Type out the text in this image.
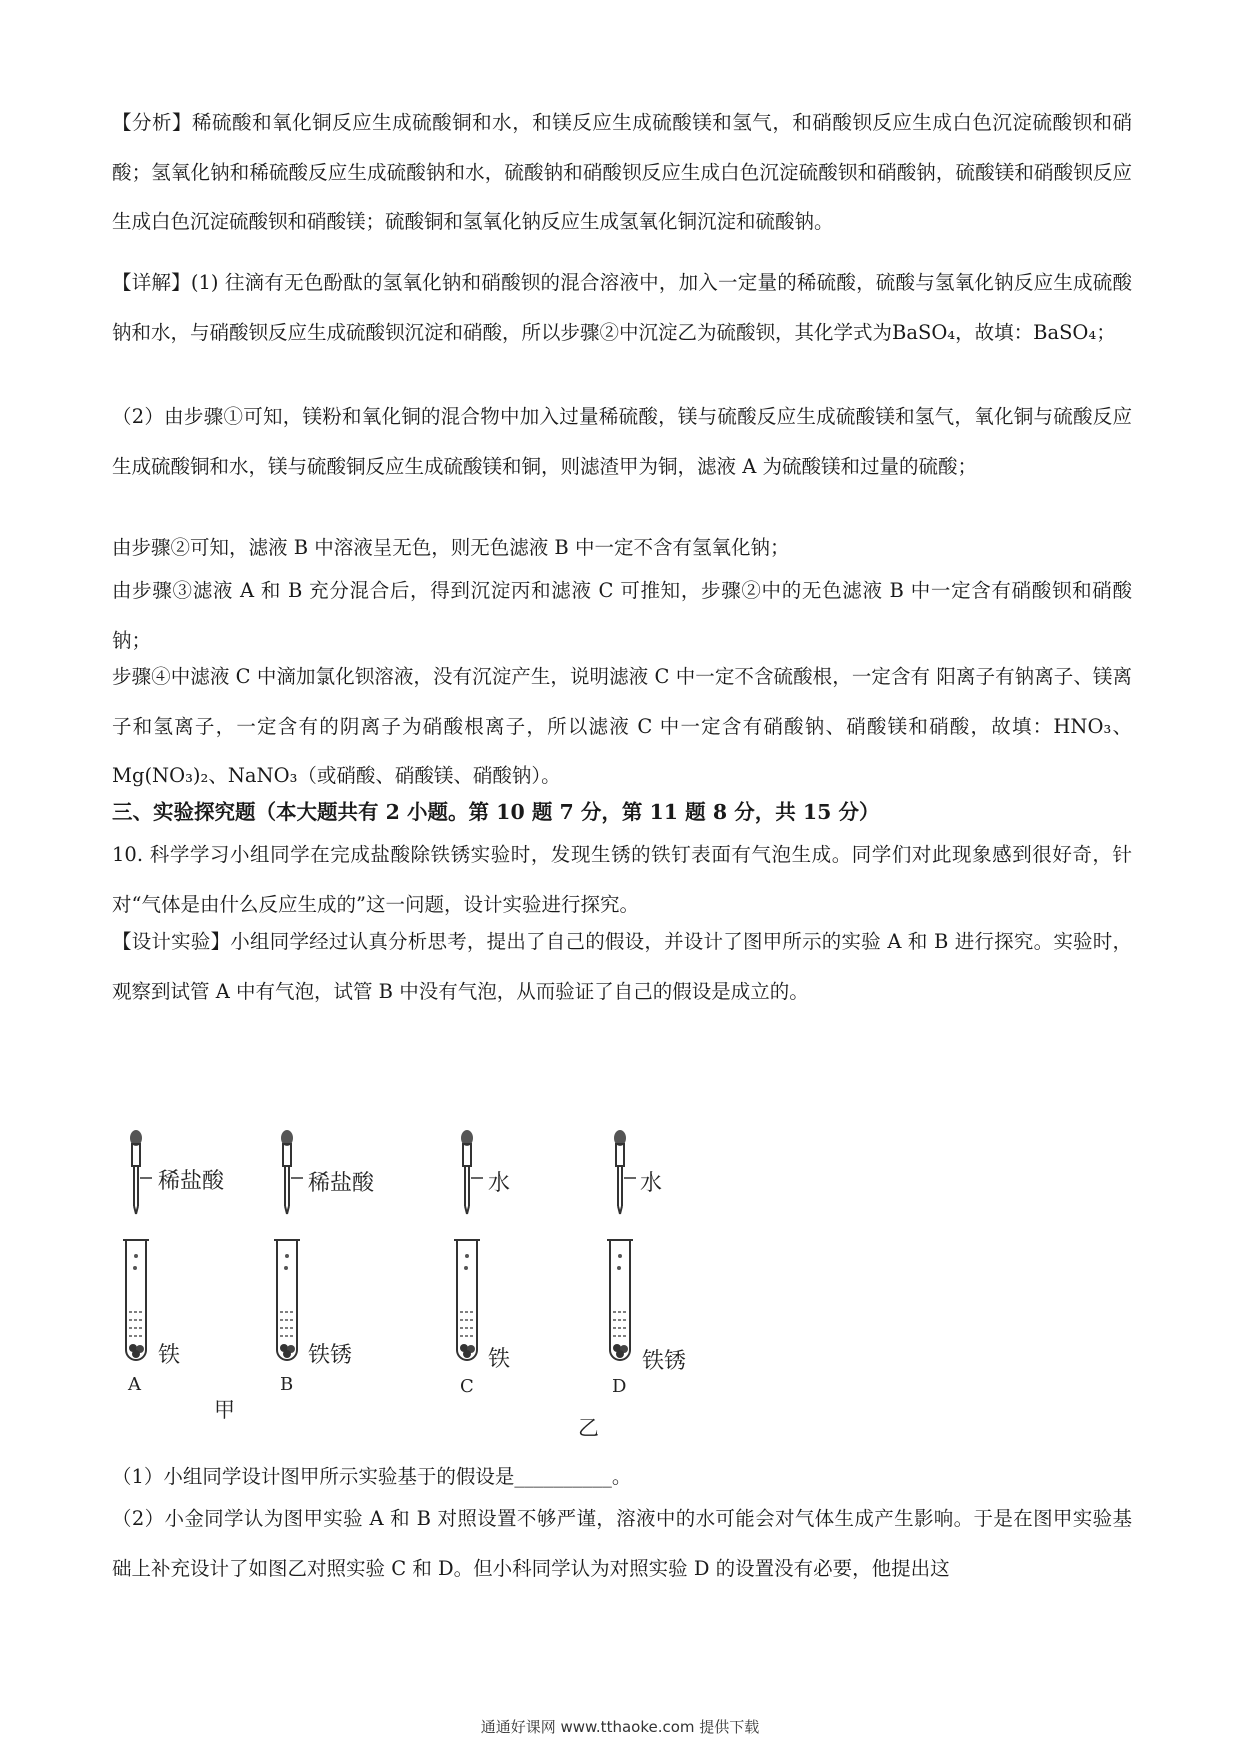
【分析】稀硫酸和氧化铜反应生成硫酸铜和水，和镁反应生成硫酸镁和氢气，和硝酸钡反应生成白色沉淀硫酸钡和硝酸；氢氧化钠和稀硫酸反应生成硫酸钠和水，硫酸钠和硝酸钡反应生成白色沉淀硫酸钡和硝酸钠，硫酸镁和硝酸钡反应生成白色沉淀硫酸钡和硝酸镁；硫酸铜和氢氧化钠反应生成氢氧化铜沉淀和硫酸钠。
【详解】(1) 往滴有无色酚酞的氢氧化钠和硝酸钡的混合溶液中，加入一定量的稀硫酸，硫酸与氢氧化钠反应生成硫酸钠和水，与硝酸钡反应生成硫酸钡沉淀和硝酸，所以步骤②中沉淀乙为硫酸钡，其化学式为BaSO₄，故填：BaSO₄；
（2）由步骤①可知，镁粉和氧化铜的混合物中加入过量稀硫酸，镁与硫酸反应生成硫酸镁和氢气，氧化铜与硫酸反应生成硫酸铜和水，镁与硫酸铜反应生成硫酸镁和铜，则滤渣甲为铜，滤液 A 为硫酸镁和过量的硫酸；
由步骤②可知，滤液 B 中溶液呈无色，则无色滤液 B 中一定不含有氢氧化钠；
由步骤③滤液 A 和 B 充分混合后，得到沉淀丙和滤液 C 可推知，步骤②中的无色滤液 B 中一定含有硝酸钡和硝酸钠；
步骤④中滤液 C 中滴加氯化钡溶液，没有沉淀产生，说明滤液 C 中一定不含硫酸根，一定含有 阳离子有钠离子、镁离子和氢离子，一定含有的阴离子为硝酸根离子，所以滤液 C 中一定含有硝酸钠、硝酸镁和硝酸，故填：HNO₃、Mg(NO₃)₂、NaNO₃（或硝酸、硝酸镁、硝酸钠）。
三、实验探究题（本大题共有 2 小题。第 10 题 7 分，第 11 题 8 分，共 15 分）
10. 科学学习小组同学在完成盐酸除铁锈实验时，发现生锈的铁钉表面有气泡生成。同学们对此现象感到很好奇，针对“气体是由什么反应生成的”这一问题，设计实验进行探究。
【设计实验】小组同学经过认真分析思考，提出了自己的假设，并设计了图甲所示的实验 A 和 B 进行探究。实验时，观察到试管 A 中有气泡，试管 B 中没有气泡，从而验证了自己的假设是成立的。
稀盐酸	稀盐酸	水	水
铁	铁锈	铁	铁锈
A	B	C	D
甲
乙
（1）小组同学设计图甲所示实验基于的假设是__________。
（2）小金同学认为图甲实验 A 和 B 对照设置不够严谨，溶液中的水可能会对气体生成产生影响。于是在图甲实验基础上补充设计了如图乙对照实验 C 和 D。但小科同学认为对照实验 D 的设置没有必要，他提出这
通通好课网 www.tthaoke.com 提供下载
